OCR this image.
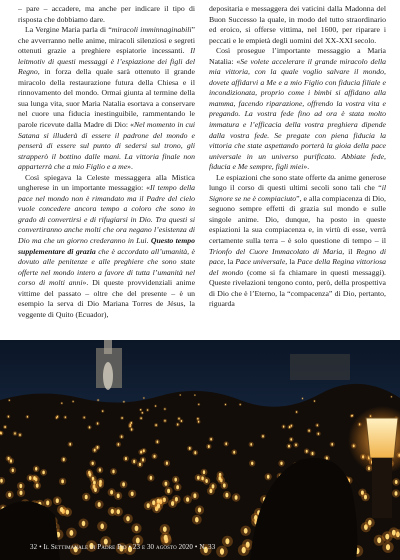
– pare – accadere, ma anche per indicare il tipo di risposta che dobbiamo dare.

La Vergine Maria parla di “miracoli imminnaginabili” che avverranno nelle anime, miracoli silenziosi e segreti ottenuti grazie a preghiere espiatorie incessanti. Il leitmotiv di questi messaggi è l’espiazione dei figli del Regno, in forza della quale sarà ottenuto il grande miracolo della restaurazione futura della Chiesa e il rinnovamento del mondo. Ormai giunta al termine della sua lunga vita, suor Maria Natalia esortava a conservare nel cuore una fiducia inestinguibile, rammentando le parole ricevute dalla Madre di Dio: «Nel momento in cui Satana si illuderà di essere il padrone del mondo e penserà di essere sul punto di sedersi sul trono, gli strapperò il bottino dalle mani. La vittoria finale non apparterrà che a mio Figlio e a me».

Così spiegava la Celeste messaggera alla Mistica ungherese in un importante messaggio: «Il tempo della pace nel mondo non è rimandato ma il Padre del cielo vuole concedere ancora tempo a coloro che sono in grado di convertirsi e di rifugiarsi in Dio. Tra questi si convertiranno anche molti che ora negano l’esistenza di Dio ma che un giorno crederanno in Lui. Questo tempo supplementare di grazia che è accordato all’umanità, è dovuto alle penitenze e alle preghiere che sono state offerte nel mondo intero a favore di tutta l’umanità nel corso di molti anni». Di queste provvidenziali anime vittime del passato – oltre che del presente – è un esempio la serva di Dio Mariana Torres de Jésus, la veggente di Quito (Ecuador),

depositaria e messaggera dei vaticini dalla Madonna del Buon Successo la quale, in modo del tutto straordinario ed eroico, si offerse vittima, nel 1600, per riparare i peccati e le empietà degli uomini del XX-XXI secolo.

Così prosegue l’importante messaggio a Maria Natalia: «Se volete accelerare il grande miracolo della mia vittoria, con la quale voglio salvare il mondo, dovete affidarvi a Me e a mio Figlio con fiducia filiale e incondizionata, proprio come i bimbi si affidano alla mamma, facendo riparazione, offrendo la vostra vita e pregando. La vostra fede fino ad ora è stata molto immatura e l’efficacia della vostra preghiera dipende dalla vostra fede. Se pregate con piena fiducia la vittoria che state aspettando porterà la gioia della pace universale in un universo purificato. Abbiate fede, fiducia e Me sempre, figli miei».

Le espiazioni che sono state offerte da anime generose lungo il corso di questi ultimi secoli sono tali che “il Signore se ne è compiaciuto”, e alla compiacenza di Dio, seguono sempre effetti di grazia sul mondo e sulle singole anime. Dio, dunque, ha posto in queste espiazioni la sua compiacenza e, in virtù di esse, verrà certamente sulla terra – è solo questione di tempo – il Trionfo del Cuore Immacolato di Maria, il Regno di pace, la Pace universale, la Pace della Regina vittoriosa del mondo (come si fa chiamare in questi messaggi). Queste rivelazioni tengono conto, però, della prospettiva di Dio che è l’Eterno, la “compacenza” di Dio, pertanto, riguarda

32 • Il Settimanale di Padre Pio • 23 e 30 agosto 2020 • N. 33
